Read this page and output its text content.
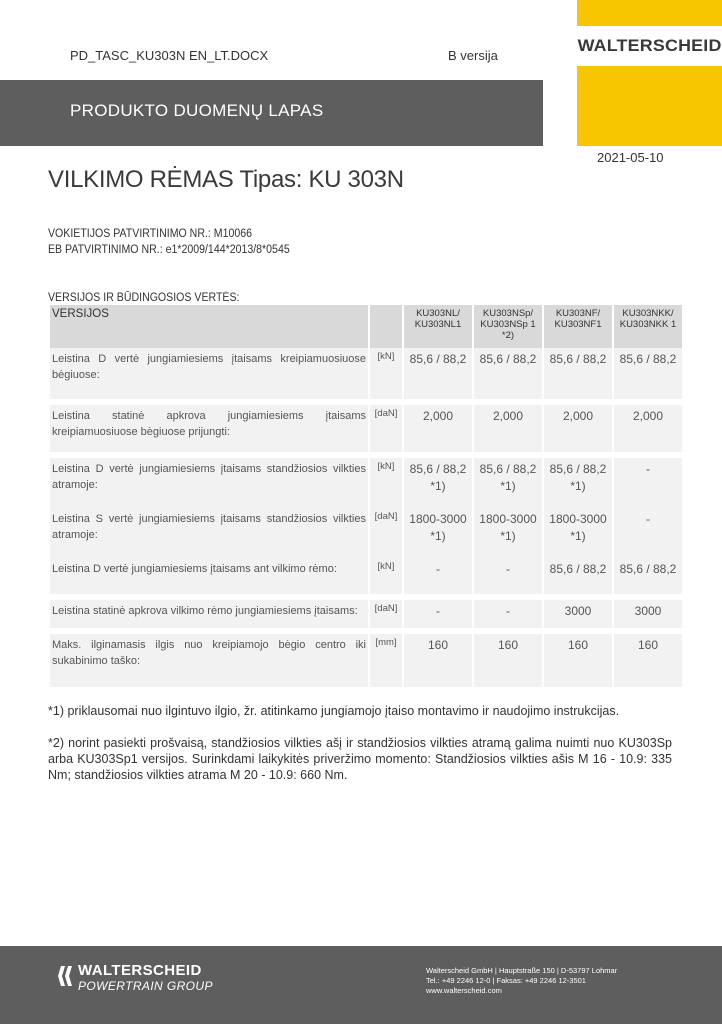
WALTERSCHEID
PD_TASC_KU303N EN_LT.DOCX	B versija
PRODUKTO DUOMENŲ LAPAS
2021-05-10
VILKIMO RĖMAS Tipas: KU 303N
VOKIETIJOS PATVIRTINIMO NR.: M10066
EB PATVIRTINIMO NR.: e1*2009/144*2013/8*0545
VERSIJOS IR BŪDINGOSIOS VERTĖS:
VERSIJOS		KU303NL/ KU303NL1	KU303NSp/ KU303NSp 1 *2)	KU303NF/ KU303NF1	KU303NKK/ KU303NKK 1
Leistina D vertė jungiamiesiems įtaisams kreipiamuosiuose bėgiuose:	[kN]	85,6 / 88,2	85,6 / 88,2	85,6 / 88,2	85,6 / 88,2

Leistina statinė apkrova jungiamiesiems įtaisams kreipiamuosiuose bėgiuose prijungti:	[daN]	2,000	2,000	2,000	2,000

Leistina D vertė jungiamiesiems įtaisams standžiosios vilkties atramoje:	[kN]	85,6 / 88,2 *1)	85,6 / 88,2 *1)	85,6 / 88,2 *1)	-
Leistina S vertė jungiamiesiems įtaisams standžiosios vilkties atramoje:	[daN]	1800-3000 *1)	1800-3000 *1)	1800-3000 *1)	-
Leistina D vertė jungiamiesiems įtaisams ant vilkimo rėmo:	[kN]	-	-	85,6 / 88,2	85,6 / 88,2

Leistina statinė apkrova vilkimo rėmo jungiamiesiems įtaisams:	[daN]	-	-	3000	3000

Maks. ilginamasis ilgis nuo kreipiamojo bėgio centro iki sukabinimo taško:	[mm]	160	160	160	160
*1) priklausomai nuo ilgintuvo ilgio, žr. atitinkamo jungiamojo įtaiso montavimo ir naudojimo instrukcijas.
*2) norint pasiekti prošvaisą, standžiosios vilkties ašį ir standžiosios vilkties atramą galima nuimti nuo KU303Sp arba KU303Sp1 versijos. Surinkdami laikykitės priveržimo momento: Standžiosios vilkties ašis M 16 - 10.9: 335 Nm; standžiosios vilkties atrama M 20 - 10.9: 660 Nm.
WALTERSCHEID
POWERTRAIN GROUP
Walterscheid GmbH | Hauptstraße 150 | D-53797 Lohmar
Tel.: +49 2246 12-0 | Faksas: +49 2246 12-3501
www.walterscheid.com
